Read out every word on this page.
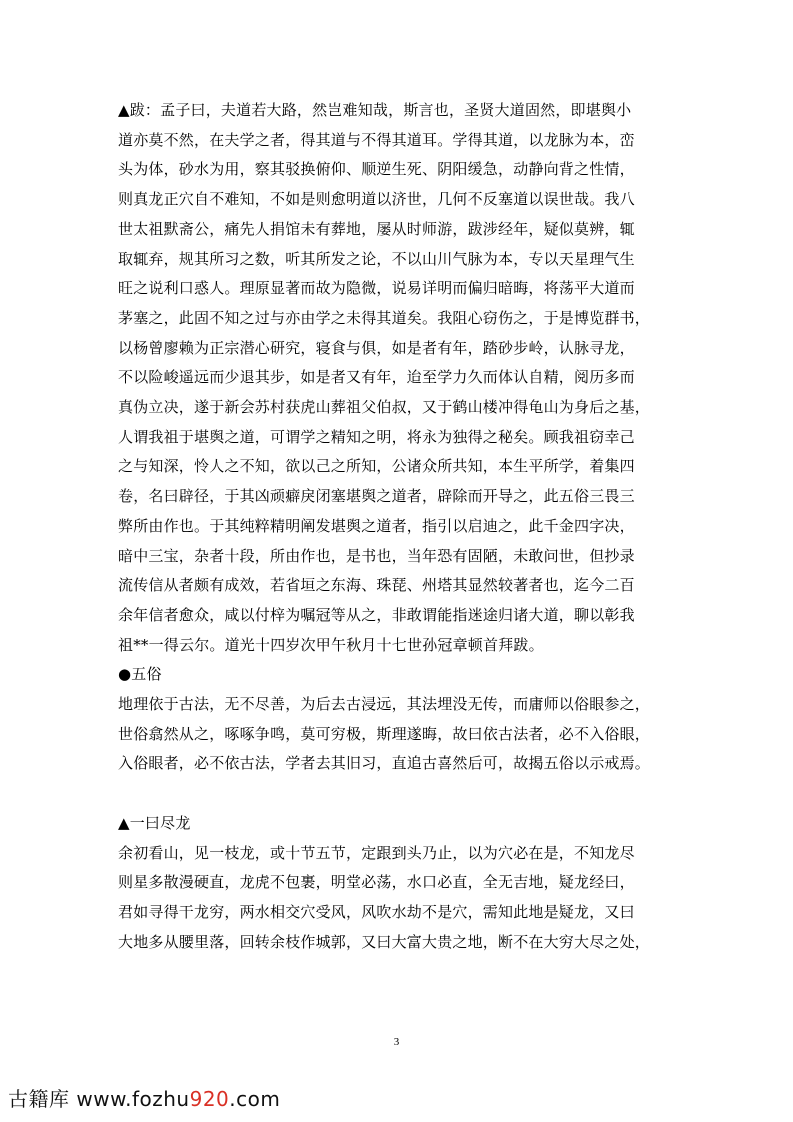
▲跋：孟子曰，夫道若大路，然岂难知哉，斯言也，圣贤大道固然，即堪舆小
道亦莫不然，在夫学之者，得其道与不得其道耳。学得其道，以龙脉为本，峦
头为体，砂水为用，察其驳换俯仰、顺逆生死、阴阳缓急，动静向背之性情，
则真龙正穴自不难知，不如是则愈明道以济世，几何不反塞道以误世哉。我八
世太祖默斋公，痛先人捐馆未有葬地，屡从时师游，跋涉经年，疑似莫辨，辄
取辄弃，规其所习之数，听其所发之论，不以山川气脉为本，专以天星理气生
旺之说利口惑人。理原显著而故为隐微，说易详明而偏归暗晦，将荡平大道而
茅塞之，此固不知之过与亦由学之未得其道矣。我阻心窃伤之，于是博览群书，
以杨曾廖赖为正宗潜心研究，寝食与俱，如是者有年，踏砂步岭，认脉寻龙，
不以险峻遥远而少退其步，如是者又有年，迨至学力久而体认自精，阅历多而
真伪立决，遂于新会苏村获虎山葬祖父伯叔，又于鹤山楼冲得龟山为身后之基，
人谓我祖于堪舆之道，可谓学之精知之明，将永为独得之秘矣。顾我祖窃幸己
之与知深，怜人之不知，欲以己之所知，公诸众所共知，本生平所学，着集四
卷，名曰辟径，于其凶顽癖戾闭塞堪舆之道者，辟除而开导之，此五俗三畏三
弊所由作也。于其纯粹精明阐发堪舆之道者，指引以启迪之，此千金四字决，
暗中三宝，杂者十段，所由作也，是书也，当年恐有固陋，未敢问世，但抄录
流传信从者颇有成效，若省垣之东海、珠琵、州塔其显然较著者也，迄今二百
余年信者愈众，咸以付梓为嘱冠等从之，非敢谓能指迷途归诸大道，聊以彰我
祖**一得云尔。道光十四岁次甲午秋月十七世孙冠章顿首拜跋。
●五俗
地理依于古法，无不尽善，为后去古浸远，其法埋没无传，而庸师以俗眼参之，
世俗翕然从之，啄啄争鸣，莫可穷极，斯理遂晦，故曰依古法者，必不入俗眼，
入俗眼者，必不依古法，学者去其旧习，直追古喜然后可，故揭五俗以示戒焉。
▲一曰尽龙
余初看山，见一枝龙，或十节五节，定跟到头乃止，以为穴必在是，不知龙尽
则星多散漫硬直，龙虎不包裹，明堂必荡，水口必直，全无吉地，疑龙经曰，
君如寻得干龙穷，两水相交穴受风，风吹水劫不是穴，需知此地是疑龙，又曰
大地多从腰里落，回转余枝作城郭，又曰大富大贵之地，断不在大穷大尽之处，
3
古籍库 www.fozhu920.com
